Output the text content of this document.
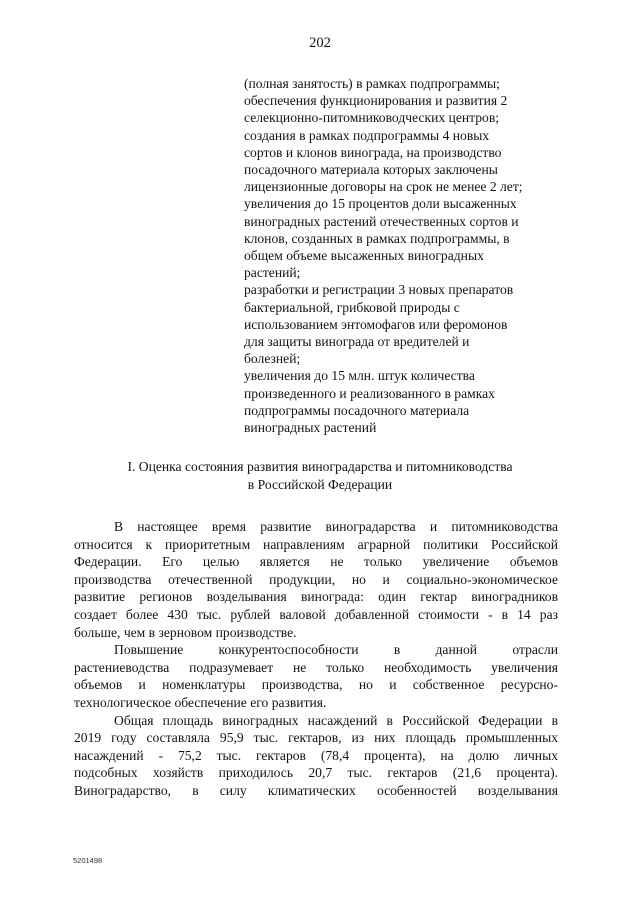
202
(полная занятость) в рамках подпрограммы;
обеспечения функционирования и развития 2
селекционно-питомниководческих центров;
создания в рамках подпрограммы 4 новых
сортов и клонов винограда, на производство
посадочного материала которых заключены
лицензионные договоры на срок не менее 2 лет;
увеличения до 15 процентов доли высаженных
виноградных растений отечественных сортов и
клонов, созданных в рамках подпрограммы, в
общем объеме высаженных виноградных
растений;
разработки и регистрации 3 новых препаратов
бактериальной, грибковой природы с
использованием энтомофагов или феромонов
для защиты винограда от вредителей и
болезней;
увеличения до 15 млн. штук количества
произведенного и реализованного в рамках
подпрограммы посадочного материала
виноградных растений
I. Оценка состояния развития виноградарства и питомниководства
в Российской Федерации

В настоящее время развитие виноградарства и питомниководства
относится к приоритетным направлениям аграрной политики Российской
Федерации. Его целью является не только увеличение объемов
производства отечественной продукции, но и социально-экономическое
развитие регионов возделывания винограда: один гектар виноградников
создает более 430 тыс. рублей валовой добавленной стоимости - в 14 раз
больше, чем в зерновом производстве.

Повышение конкурентоспособности в данной отрасли
растениеводства подразумевает не только необходимость увеличения
объемов и номенклатуры производства, но и собственное ресурсно-
технологическое обеспечение его развития.

Общая площадь виноградных насаждений в Российской Федерации в
2019 году составляла 95,9 тыс. гектаров, из них площадь промышленных
насаждений - 75,2 тыс. гектаров (78,4 процента), на долю личных
подсобных хозяйств приходилось 20,7 тыс. гектаров (21,6 процента).
Виноградарство, в силу климатических особенностей возделывания

5201498
